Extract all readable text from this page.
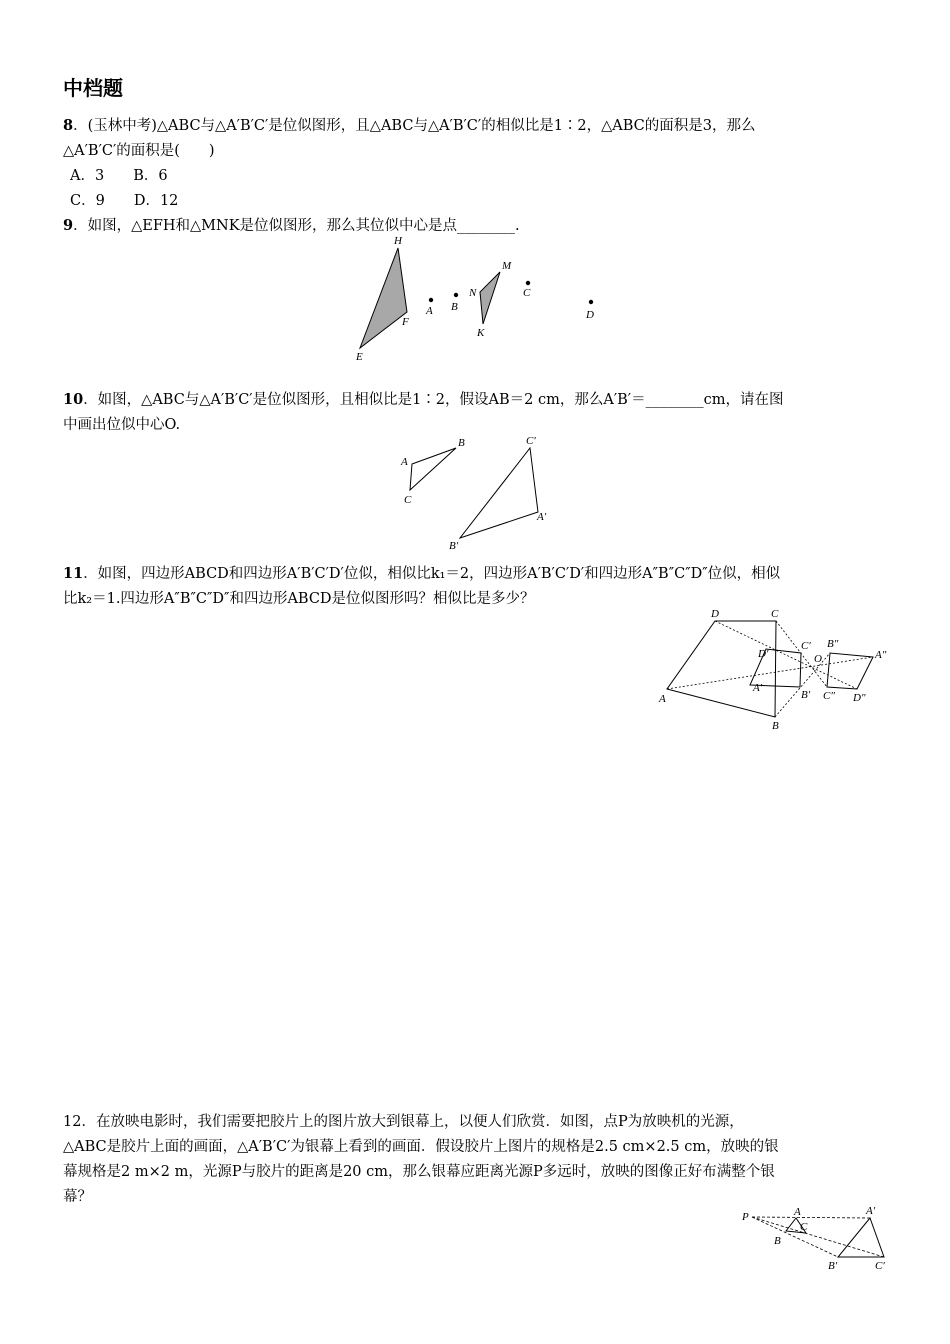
中档题
8．(玉林中考)△ABC与△A′B′C′是位似图形，且△ABC与△A′B′C′的相似比是1∶2，△ABC的面积是3，那么
△A′B′C′的面积是(　　)
A．3　　B．6
C．9　　D．12
9．如图，△EFH和△MNK是位似图形，那么其位似中心是点________.
H
F
E
A B
N
M
K
C
D
10．如图，△ABC与△A′B′C′是位似图形，且相似比是1∶2，假设AB＝2 cm，那么A′B′＝________cm，请在图
中画出位似中心O.
A
B
C
C′
A′
B′
11．如图，四边形ABCD和四边形A′B′C′D′位似，相似比k₁＝2，四边形A′B′C′D′和四边形A″B″C″D″位似，相似
比k₂＝1.四边形A″B″C″D″和四边形ABCD是位似图形吗？相似比是多少？
D	C
C′ B″
D′	O	A″
A′
B′ C″ D″
A
B
12．在放映电影时，我们需要把胶片上的图片放大到银幕上，以便人们欣赏．如图，点P为放映机的光源，
△ABC是胶片上面的画面，△A′B′C′为银幕上看到的画面．假设胶片上图片的规格是2.5 cm×2.5 cm，放映的银
幕规格是2 m×2 m，光源P与胶片的距离是20 cm，那么银幕应距离光源P多远时，放映的图像正好布满整个银
幕？
P	A
C
B
A′
B′	C′
